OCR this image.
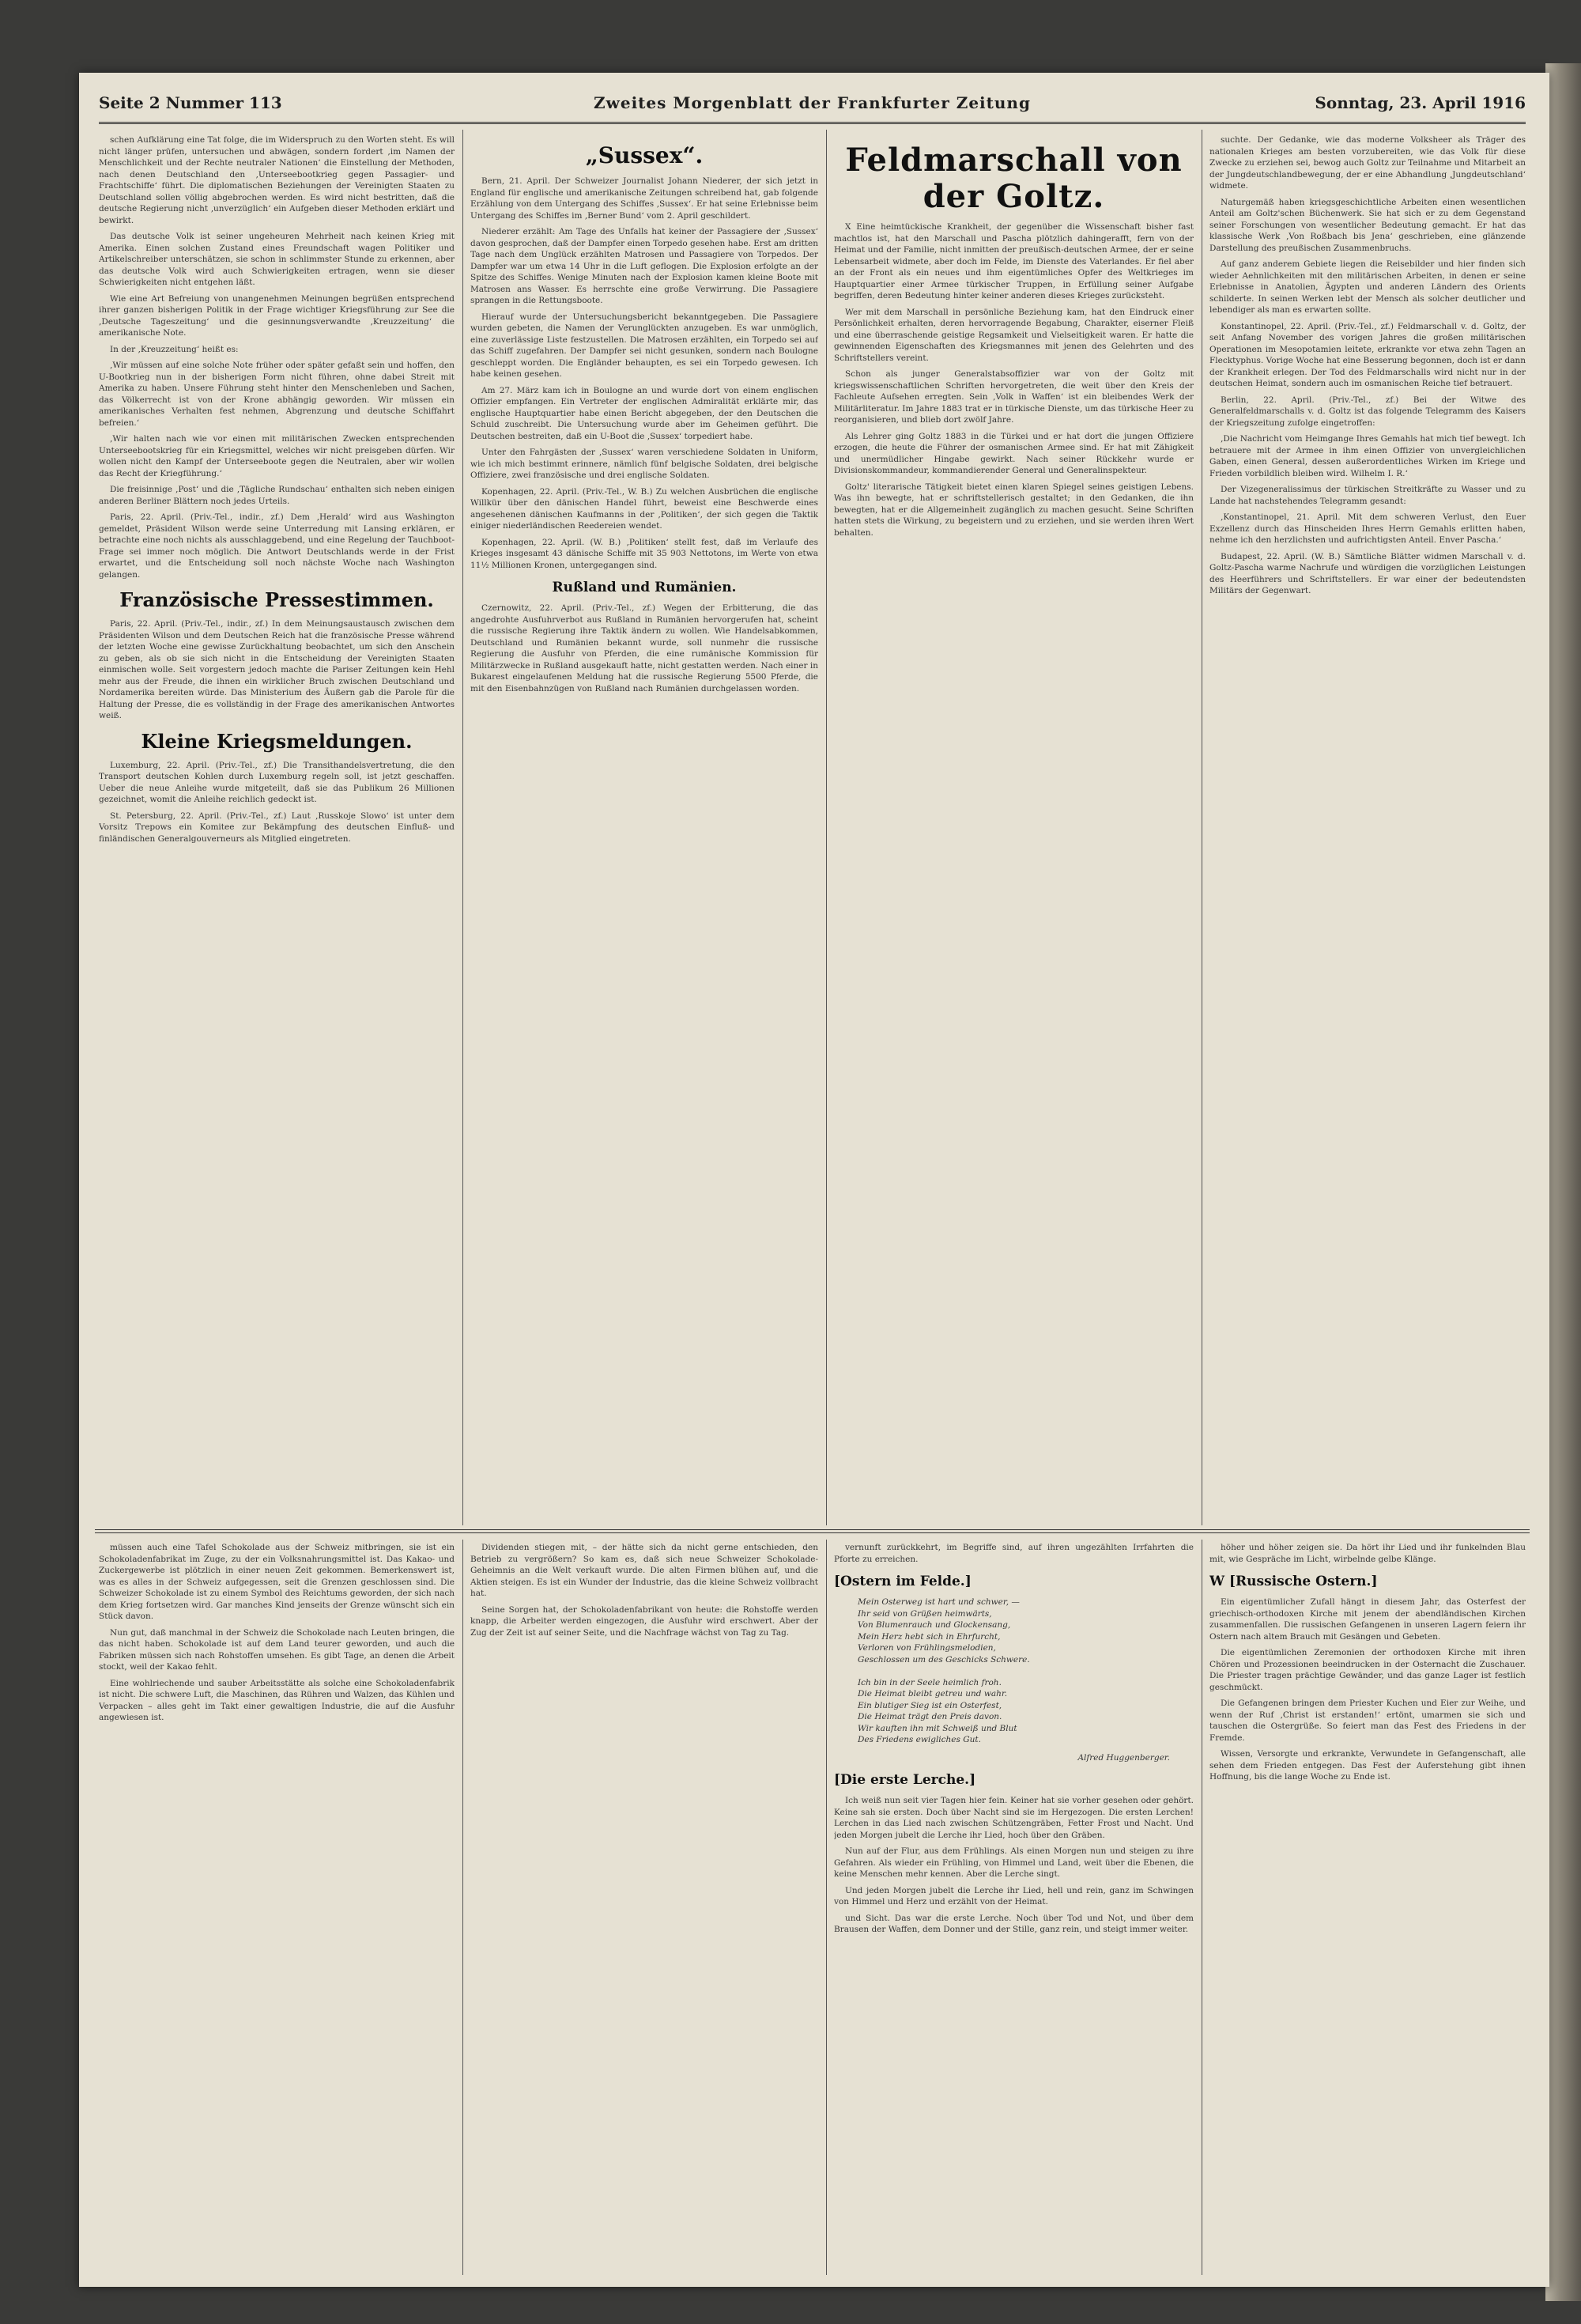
Seite 2 Nummer 113	Zweites Morgenblatt der Frankfurter Zeitung	Sonntag, 23. April 1916

schen Aufklärung eine Tat folge, die im Widerspruch zu den Worten steht. Es will nicht länger prüfen, untersuchen und abwägen, sondern fordert ‚im Namen der Menschlichkeit und der Rechte neutraler Nationen‘ die Einstellung der Methoden, nach denen Deutschland den ‚Unterseebootkrieg gegen Passagier- und Frachtschiffe‘ führt. Die diplomatischen Beziehungen der Vereinigten Staaten zu Deutschland sollen völlig abgebrochen werden. Es wird nicht bestritten, daß die deutsche Regierung nicht ‚unverzüglich‘ ein Aufgeben dieser Methoden erklärt und bewirkt.

Das deutsche Volk ist seiner ungeheuren Mehrheit nach keinen Krieg mit Amerika. Einen solchen Zustand eines Freundschaft wagen Politiker und Artikelschreiber unterschätzen, sie schon in schlimmster Stunde zu erkennen, aber das deutsche Volk wird auch Schwierigkeiten ertragen, wenn sie dieser Schwierigkeiten nicht entgehen läßt.

Wie eine Art Befreiung von unangenehmen Meinungen begrüßen entsprechend ihrer ganzen bisherigen Politik in der Frage wichtiger Kriegsführung zur See die ‚Deutsche Tageszeitung‘ und die gesinnungsverwandte ‚Kreuzzeitung‘ die amerikanische Note.

In der ‚Kreuzzeitung‘ heißt es:

‚Wir müssen auf eine solche Note früher oder später gefaßt sein und hoffen, den U-Bootkrieg nun in der bisherigen Form nicht führen, ohne dabei Streit mit Amerika zu haben. Unsere Führung steht hinter den Menschenleben und Sachen, das Völkerrecht ist von der Krone abhängig geworden. Wir müssen ein amerikanisches Verhalten fest nehmen, Abgrenzung und deutsche Schiffahrt befreien.‘

‚Wir halten nach wie vor einen mit militärischen Zwecken entsprechenden Unterseebootskrieg für ein Kriegsmittel, welches wir nicht preisgeben dürfen. Wir wollen nicht den Kampf der Unterseeboote gegen die Neutralen, aber wir wollen das Recht der Kriegführung.‘

Die freisinnige ‚Post‘ und die ‚Tägliche Rundschau‘ enthalten sich neben einigen anderen Berliner Blättern noch jedes Urteils.

Paris, 22. April. (Priv.-Tel., indir., zf.) Dem ‚Herald‘ wird aus Washington gemeldet, Präsident Wilson werde seine Unterredung mit Lansing erklären, er betrachte eine noch nichts als ausschlaggebend, und eine Regelung der Tauchboot-Frage sei immer noch möglich. Die Antwort Deutschlands werde in der Frist erwartet, und die Entscheidung soll noch nächste Woche nach Washington gelangen.

Französische Pressestimmen.

Paris, 22. April. (Priv.-Tel., indir., zf.) In dem Meinungsaustausch zwischen dem Präsidenten Wilson und dem Deutschen Reich hat die französische Presse während der letzten Woche eine gewisse Zurückhaltung beobachtet, um sich den Anschein zu geben, als ob sie sich nicht in die Entscheidung der Vereinigten Staaten einmischen wolle. Seit vorgestern jedoch machte die Pariser Zeitungen kein Hehl mehr aus der Freude, die ihnen ein wirklicher Bruch zwischen Deutschland und Nordamerika bereiten würde. Das Ministerium des Äußern gab die Parole für die Haltung der Presse, die es vollständig in der Frage des amerikanischen Antwortes weiß.

Kleine Kriegsmeldungen.

Luxemburg, 22. April. (Priv.-Tel., zf.) Die Transithandelsvertretung, die den Transport deutschen Kohlen durch Luxemburg regeln soll, ist jetzt geschaffen. Ueber die neue Anleihe wurde mitgeteilt, daß sie das Publikum 26 Millionen gezeichnet, womit die Anleihe reichlich gedeckt ist.

St. Petersburg, 22. April. (Priv.-Tel., zf.) Laut ‚Russkoje Slowo‘ ist unter dem Vorsitz Trepows ein Komitee zur Bekämpfung des deutschen Einfluß- und finländischen Generalgouverneurs als Mitglied eingetreten.

„Sussex“.

Bern, 21. April. Der Schweizer Journalist Johann Niederer, der sich jetzt in England für englische und amerikanische Zeitungen schreibend hat, gab folgende Erzählung von dem Untergang des Schiffes ‚Sussex‘. Er hat seine Erlebnisse beim Untergang des Schiffes im ‚Berner Bund‘ vom 2. April geschildert.

Niederer erzählt: Am Tage des Unfalls hat keiner der Passagiere der ‚Sussex‘ davon gesprochen, daß der Dampfer einen Torpedo gesehen habe. Erst am dritten Tage nach dem Unglück erzählten Matrosen und Passagiere von Torpedos. Der Dampfer war um etwa 14 Uhr in die Luft geflogen. Die Explosion erfolgte an der Spitze des Schiffes. Wenige Minuten nach der Explosion kamen kleine Boote mit Matrosen ans Wasser. Es herrschte eine große Verwirrung. Die Passagiere sprangen in die Rettungsboote.

Hierauf wurde der Untersuchungsbericht bekanntgegeben. Die Passagiere wurden gebeten, die Namen der Verunglückten anzugeben. Es war unmöglich, eine zuverlässige Liste festzustellen. Die Matrosen erzählten, ein Torpedo sei auf das Schiff zugefahren. Der Dampfer sei nicht gesunken, sondern nach Boulogne geschleppt worden. Die Engländer behaupten, es sei ein Torpedo gewesen. Ich habe keinen gesehen.

Am 27. März kam ich in Boulogne an und wurde dort von einem englischen Offizier empfangen. Ein Vertreter der englischen Admiralität erklärte mir, das englische Hauptquartier habe einen Bericht abgegeben, der den Deutschen die Schuld zuschreibt. Die Untersuchung wurde aber im Geheimen geführt. Die Deutschen bestreiten, daß ein U-Boot die ‚Sussex‘ torpediert habe.

Unter den Fahrgästen der ‚Sussex‘ waren verschiedene Soldaten in Uniform, wie ich mich bestimmt erinnere, nämlich fünf belgische Soldaten, drei belgische Offiziere, zwei französische und drei englische Soldaten.

Kopenhagen, 22. April. (Priv.-Tel., W. B.) Zu welchen Ausbrüchen die englische Willkür über den dänischen Handel führt, beweist eine Beschwerde eines angesehenen dänischen Kaufmanns in der ‚Politiken‘, der sich gegen die Taktik einiger niederländischen Reedereien wendet.

Kopenhagen, 22. April. (W. B.) ‚Politiken‘ stellt fest, daß im Verlaufe des Krieges insgesamt 43 dänische Schiffe mit 35 903 Nettotons, im Werte von etwa 11½ Millionen Kronen, untergegangen sind.

Rußland und Rumänien.

Czernowitz, 22. April. (Priv.-Tel., zf.) Wegen der Erbitterung, die das angedrohte Ausfuhrverbot aus Rußland in Rumänien hervorgerufen hat, scheint die russische Regierung ihre Taktik ändern zu wollen. Wie Handelsabkommen, Deutschland und Rumänien bekannt wurde, soll nunmehr die russische Regierung die Ausfuhr von Pferden, die eine rumänische Kommission für Militärzwecke in Rußland ausgekauft hatte, nicht gestatten werden. Nach einer in Bukarest eingelaufenen Meldung hat die russische Regierung 5500 Pferde, die mit den Eisenbahnzügen von Rußland nach Rumänien durchgelassen worden.

Feldmarschall von der Goltz.

X Eine heimtückische Krankheit, der gegenüber die Wissenschaft bisher fast machtlos ist, hat den Marschall und Pascha plötzlich dahingerafft, fern von der Heimat und der Familie, nicht inmitten der preußisch-deutschen Armee, der er seine Lebensarbeit widmete, aber doch im Felde, im Dienste des Vaterlandes. Er fiel aber an der Front als ein neues und ihm eigentümliches Opfer des Weltkrieges im Hauptquartier einer Armee türkischer Truppen, in Erfüllung seiner Aufgabe begriffen, deren Bedeutung hinter keiner anderen dieses Krieges zurücksteht.

Wer mit dem Marschall in persönliche Beziehung kam, hat den Eindruck einer Persönlichkeit erhalten, deren hervorragende Begabung, Charakter, eiserner Fleiß und eine überraschende geistige Regsamkeit und Vielseitigkeit waren. Er hatte die gewinnenden Eigenschaften des Kriegsmannes mit jenen des Gelehrten und des Schriftstellers vereint.

Schon als junger Generalstabsoffizier war von der Goltz mit kriegswissenschaftlichen Schriften hervorgetreten, die weit über den Kreis der Fachleute Aufsehen erregten. Sein ‚Volk in Waffen‘ ist ein bleibendes Werk der Militärliteratur. Im Jahre 1883 trat er in türkische Dienste, um das türkische Heer zu reorganisieren, und blieb dort zwölf Jahre.

Als Lehrer ging Goltz 1883 in die Türkei und er hat dort die jungen Offiziere erzogen, die heute die Führer der osmanischen Armee sind. Er hat mit Zähigkeit und unermüdlicher Hingabe gewirkt. Nach seiner Rückkehr wurde er Divisionskommandeur, kommandierender General und Generalinspekteur.

Goltz' literarische Tätigkeit bietet einen klaren Spiegel seines geistigen Lebens. Was ihn bewegte, hat er schriftstellerisch gestaltet; in den Gedanken, die ihn bewegten, hat er die Allgemeinheit zugänglich zu machen gesucht. Seine Schriften hatten stets die Wirkung, zu begeistern und zu erziehen, und sie werden ihren Wert behalten.

suchte. Der Gedanke, wie das moderne Volksheer als Träger des nationalen Krieges am besten vorzubereiten, wie das Volk für diese Zwecke zu erziehen sei, bewog auch Goltz zur Teilnahme und Mitarbeit an der Jungdeutschlandbewegung, der er eine Abhandlung ‚Jungdeutschland‘ widmete.

Naturgemäß haben kriegsgeschichtliche Arbeiten einen wesentlichen Anteil am Goltz'schen Büchenwerk. Sie hat sich er zu dem Gegenstand seiner Forschungen von wesentlicher Bedeutung gemacht. Er hat das klassische Werk ‚Von Roßbach bis Jena‘ geschrieben, eine glänzende Darstellung des preußischen Zusammenbruchs.

Auf ganz anderem Gebiete liegen die Reisebilder und hier finden sich wieder Aehnlichkeiten mit den militärischen Arbeiten, in denen er seine Erlebnisse in Anatolien, Ägypten und anderen Ländern des Orients schilderte. In seinen Werken lebt der Mensch als solcher deutlicher und lebendiger als man es erwarten sollte.

Konstantinopel, 22. April. (Priv.-Tel., zf.) Feldmarschall v. d. Goltz, der seit Anfang November des vorigen Jahres die großen militärischen Operationen im Mesopotamien leitete, erkrankte vor etwa zehn Tagen an Flecktyphus. Vorige Woche hat eine Besserung begonnen, doch ist er dann der Krankheit erlegen. Der Tod des Feldmarschalls wird nicht nur in der deutschen Heimat, sondern auch im osmanischen Reiche tief betrauert.

Berlin, 22. April. (Priv.-Tel., zf.) Bei der Witwe des Generalfeldmarschalls v. d. Goltz ist das folgende Telegramm des Kaisers der Kriegszeitung zufolge eingetroffen:

‚Die Nachricht vom Heimgange Ihres Gemahls hat mich tief bewegt. Ich betrauere mit der Armee in ihm einen Offizier von unvergleichlichen Gaben, einen General, dessen außerordentliches Wirken im Kriege und Frieden vorbildlich bleiben wird. Wilhelm I. R.‘

Der Vizegeneralissimus der türkischen Streitkräfte zu Wasser und zu Lande hat nachstehendes Telegramm gesandt:

‚Konstantinopel, 21. April. Mit dem schweren Verlust, den Euer Exzellenz durch das Hinscheiden Ihres Herrn Gemahls erlitten haben, nehme ich den herzlichsten und aufrichtigsten Anteil. Enver Pascha.‘

Budapest, 22. April. (W. B.) Sämtliche Blätter widmen Marschall v. d. Goltz-Pascha warme Nachrufe und würdigen die vorzüglichen Leistungen des Heerführers und Schriftstellers. Er war einer der bedeutendsten Militärs der Gegenwart.

müssen auch eine Tafel Schokolade aus der Schweiz mitbringen, sie ist ein Schokoladenfabrikat im Zuge, zu der ein Volksnahrungsmittel ist. Das Kakao- und Zuckergewerbe ist plötzlich in einer neuen Zeit gekommen. Bemerkenswert ist, was es alles in der Schweiz aufgegessen, seit die Grenzen geschlossen sind. Die Schweizer Schokolade ist zu einem Symbol des Reichtums geworden, der sich nach dem Krieg fortsetzen wird. Gar manches Kind jenseits der Grenze wünscht sich ein Stück davon.

Nun gut, daß manchmal in der Schweiz die Schokolade nach Leuten bringen, die das nicht haben. Schokolade ist auf dem Land teurer geworden, und auch die Fabriken müssen sich nach Rohstoffen umsehen. Es gibt Tage, an denen die Arbeit stockt, weil der Kakao fehlt.

Eine wohlriechende und sauber Arbeitsstätte als solche eine Schokoladenfabrik ist nicht. Die schwere Luft, die Maschinen, das Rühren und Walzen, das Kühlen und Verpacken – alles geht im Takt einer gewaltigen Industrie, die auf die Ausfuhr angewiesen ist.

Dividenden stiegen mit, – der hätte sich da nicht gerne entschieden, den Betrieb zu vergrößern? So kam es, daß sich neue Schweizer Schokolade-Geheimnis an die Welt verkauft wurde. Die alten Firmen blühen auf, und die Aktien steigen. Es ist ein Wunder der Industrie, das die kleine Schweiz vollbracht hat.

Seine Sorgen hat, der Schokoladenfabrikant von heute: die Rohstoffe werden knapp, die Arbeiter werden eingezogen, die Ausfuhr wird erschwert. Aber der Zug der Zeit ist auf seiner Seite, und die Nachfrage wächst von Tag zu Tag.

vernunft zurückkehrt, im Begriffe sind, auf ihren ungezählten Irrfahrten die Pforte zu erreichen.

[Ostern im Felde.]
Mein Osterweg ist hart und schwer, —
Ihr seid von Grüßen heimwärts,
Von Blumenrauch und Glockensang,
Mein Herz hebt sich in Ehrfurcht,
Verloren von Frühlingsmelodien,
Geschlossen um des Geschicks Schwere.

Ich bin in der Seele heimlich froh.
Die Heimat bleibt getreu und wahr.
Ein blutiger Sieg ist ein Osterfest,
Die Heimat trägt den Preis davon.
Wir kauften ihn mit Schweiß und Blut
Des Friedens ewigliches Gut.
Alfred Huggenberger.
[Die erste Lerche.]

Ich weiß nun seit vier Tagen hier fein. Keiner hat sie vorher gesehen oder gehört. Keine sah sie ersten. Doch über Nacht sind sie im Hergezogen. Die ersten Lerchen! Lerchen in das Lied nach zwischen Schützengräben, Fetter Frost und Nacht. Und jeden Morgen jubelt die Lerche ihr Lied, hoch über den Gräben.

Nun auf der Flur, aus dem Frühlings. Als einen Morgen nun und steigen zu ihre Gefahren. Als wieder ein Frühling, von Himmel und Land, weit über die Ebenen, die keine Menschen mehr kennen. Aber die Lerche singt.

Und jeden Morgen jubelt die Lerche ihr Lied, hell und rein, ganz im Schwingen von Himmel und Herz und erzählt von der Heimat.

und Sicht. Das war die erste Lerche. Noch über Tod und Not, und über dem Brausen der Waffen, dem Donner und der Stille, ganz rein, und steigt immer weiter.

höher und höher zeigen sie. Da hört ihr Lied und ihr funkelnden Blau mit, wie Gespräche im Licht, wirbelnde gelbe Klänge.

W [Russische Ostern.]

Ein eigentümlicher Zufall hängt in diesem Jahr, das Osterfest der griechisch-orthodoxen Kirche mit jenem der abendländischen Kirchen zusammenfallen. Die russischen Gefangenen in unseren Lagern feiern ihr Ostern nach altem Brauch mit Gesängen und Gebeten.

Die eigentümlichen Zeremonien der orthodoxen Kirche mit ihren Chören und Prozessionen beeindrucken in der Osternacht die Zuschauer. Die Priester tragen prächtige Gewänder, und das ganze Lager ist festlich geschmückt.

Die Gefangenen bringen dem Priester Kuchen und Eier zur Weihe, und wenn der Ruf ‚Christ ist erstanden!‘ ertönt, umarmen sie sich und tauschen die Ostergrüße. So feiert man das Fest des Friedens in der Fremde.

Wissen, Versorgte und erkrankte, Verwundete in Gefangenschaft, alle sehen dem Frieden entgegen. Das Fest der Auferstehung gibt ihnen Hoffnung, bis die lange Woche zu Ende ist.
